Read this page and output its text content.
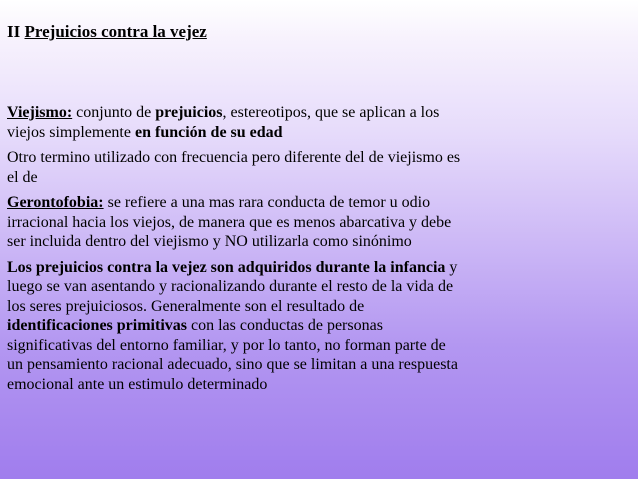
II Prejuicios contra la vejez
Viejismo: conjunto de prejuicios, estereotipos, que se aplican a los
viejos simplemente en función de su edad
Otro termino utilizado con frecuencia pero diferente del de viejismo es
el de
Gerontofobia: se refiere a una mas rara conducta de temor u odio
irracional hacia los viejos, de manera que es menos abarcativa y debe
ser incluida dentro del viejismo y NO utilizarla como sinónimo
Los prejuicios contra la vejez son adquiridos durante la infancia y
luego se van asentando y racionalizando durante el resto de la vida de
los seres prejuiciosos. Generalmente son el resultado de
identificaciones primitivas con las conductas de personas
significativas del entorno familiar, y por lo tanto, no forman parte de
un pensamiento racional adecuado, sino que se limitan a una respuesta
emocional ante un estimulo determinado
